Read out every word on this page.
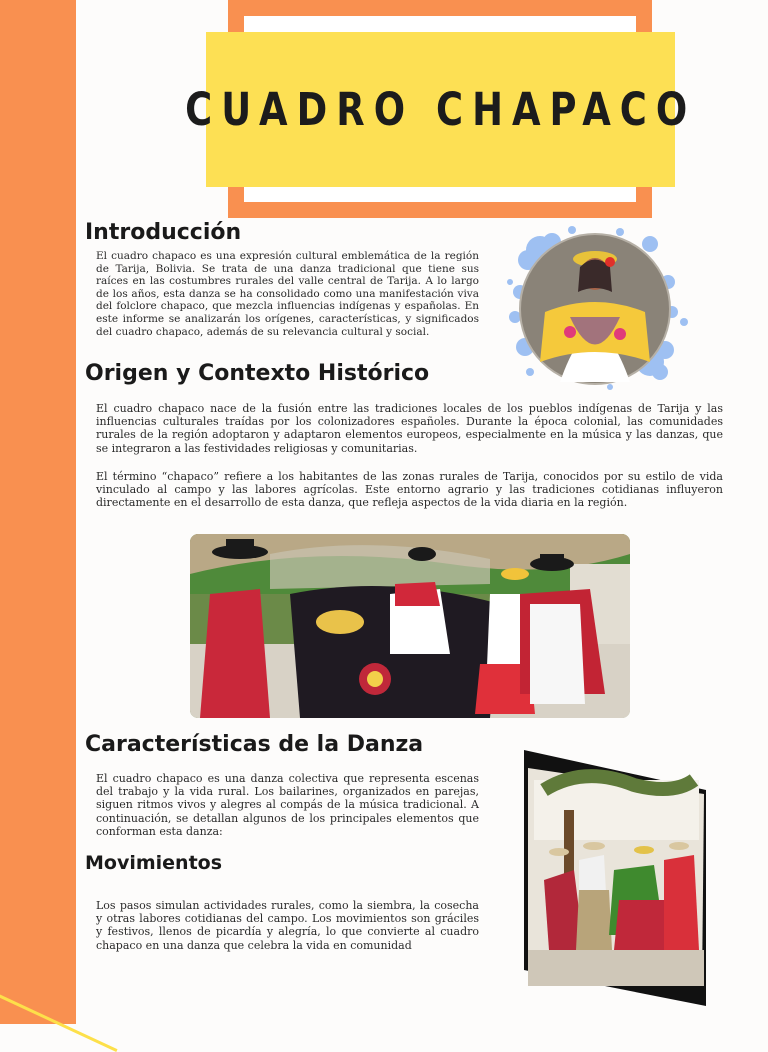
CUADRO CHAPACO
Introducción

El cuadro chapaco es una expresión cultural emblemática de la región de Tarija, Bolivia. Se trata de una danza tradicional que tiene sus raíces en las costumbres rurales del valle central de Tarija. A lo largo de los años, esta danza se ha consolidado como una manifestación viva del folclore chapaco, que mezcla influencias indígenas y españolas. En este informe se analizarán los orígenes, características, y significados del cuadro chapaco, además de su relevancia cultural y social.

Origen y Contexto Histórico

El cuadro chapaco nace de la fusión entre las tradiciones locales de los pueblos indígenas de Tarija y las influencias culturales traídas por los colonizadores españoles. Durante la época colonial, las comunidades rurales de la región adoptaron y adaptaron elementos europeos, especialmente en la música y las danzas, que se integraron a las festividades religiosas y comunitarias.

El término “chapaco” refiere a los habitantes de las zonas rurales de Tarija, conocidos por su estilo de vida vinculado al campo y las labores agrícolas. Este entorno agrario y las tradiciones cotidianas influyeron directamente en el desarrollo de esta danza, que refleja aspectos de la vida diaria en la región.

Características de la Danza

El cuadro chapaco es una danza colectiva que representa escenas del trabajo y la vida rural. Los bailarines, organizados en parejas, siguen ritmos vivos y alegres al compás de la música tradicional. A continuación, se detallan algunos de los principales elementos que conforman esta danza:

Movimientos

Los pasos simulan actividades rurales, como la siembra, la cosecha y otras labores cotidianas del campo. Los movimientos son gráciles y festivos, llenos de picardía y alegría, lo que convierte al cuadro chapaco en una danza que celebra la vida en comunidad
